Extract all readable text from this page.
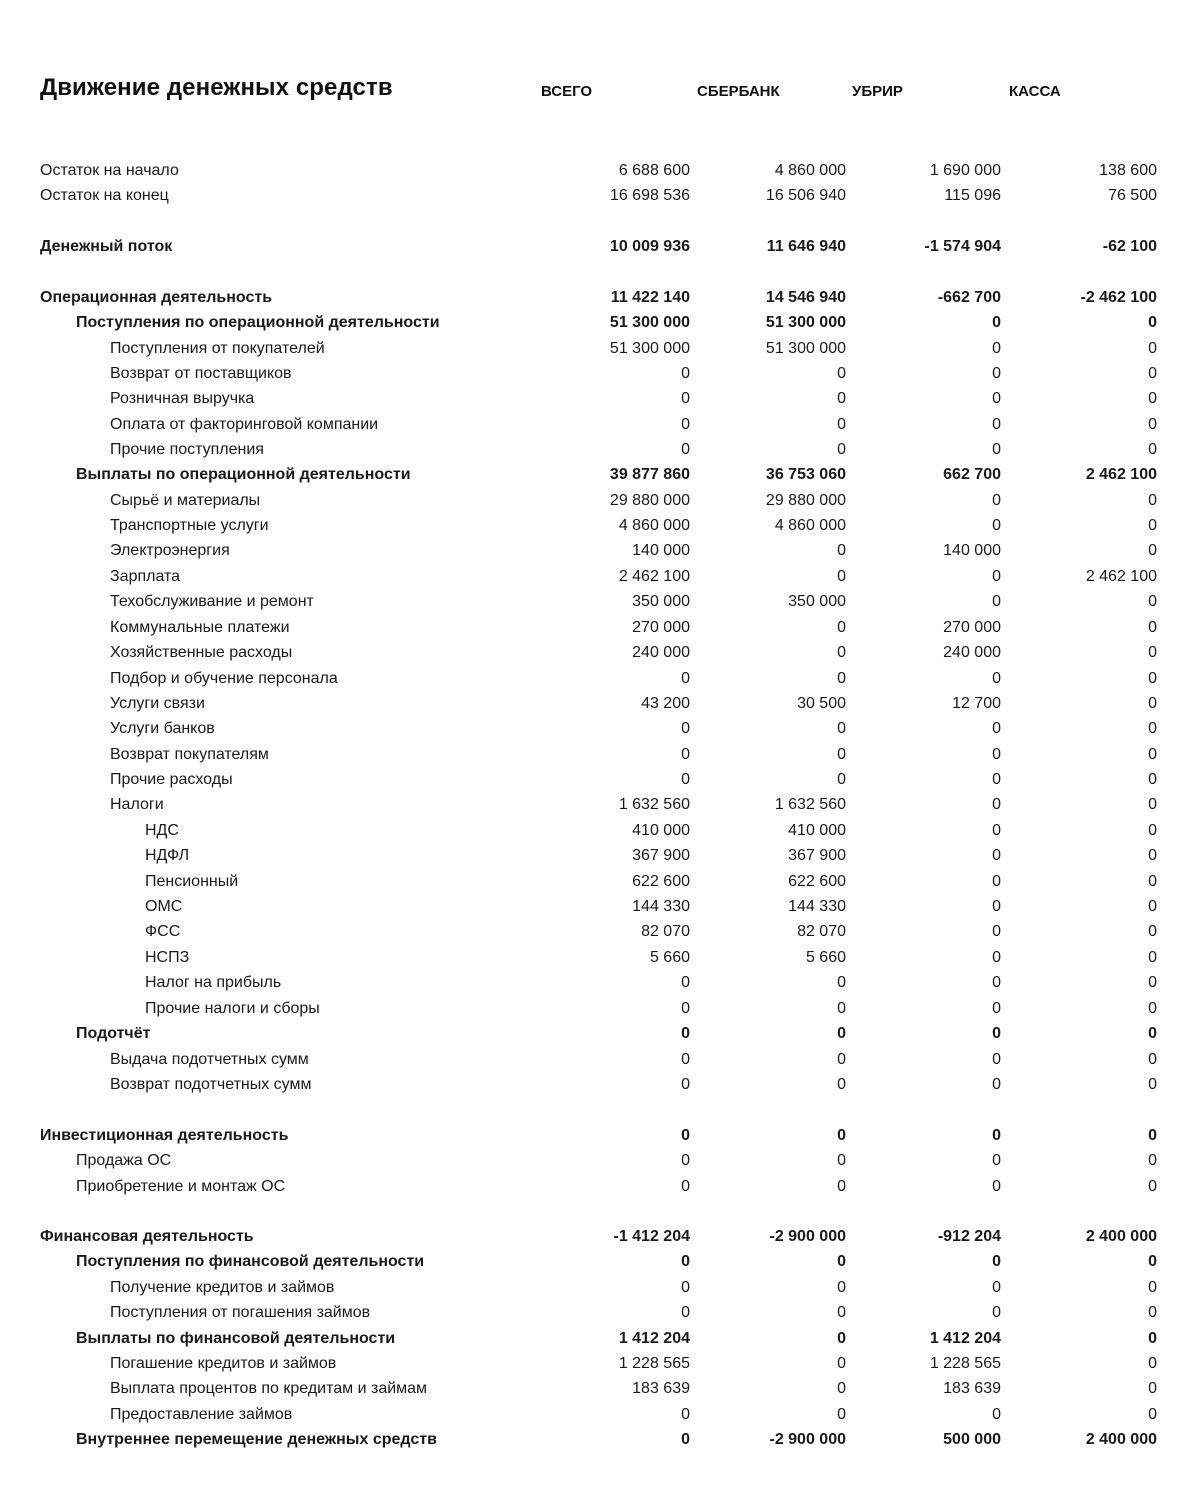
Движение денежных средств	ВСЕГО	СБЕРБАНК	УБРИР	КАССА
Остаток на начало	6 688 600	4 860 000	1 690 000	138 600
Остаток на конец	16 698 536	16 506 940	115 096	76 500
Денежный поток	10 009 936	11 646 940	-1 574 904	-62 100
Операционная деятельность	11 422 140	14 546 940	-662 700	-2 462 100
Поступления по операционной деятельности	51 300 000	51 300 000	0	0
Поступления от покупателей	51 300 000	51 300 000	0	0
Возврат от поставщиков	0	0	0	0
Розничная выручка	0	0	0	0
Оплата от факторинговой компании	0	0	0	0
Прочие поступления	0	0	0	0
Выплаты по операционной деятельности	39 877 860	36 753 060	662 700	2 462 100
Сырьё и материалы	29 880 000	29 880 000	0	0
Транспортные услуги	4 860 000	4 860 000	0	0
Электроэнергия	140 000	0	140 000	0
Зарплата	2 462 100	0	0	2 462 100
Техобслуживание и ремонт	350 000	350 000	0	0
Коммунальные платежи	270 000	0	270 000	0
Хозяйственные расходы	240 000	0	240 000	0
Подбор и обучение персонала	0	0	0	0
Услуги связи	43 200	30 500	12 700	0
Услуги банков	0	0	0	0
Возврат покупателям	0	0	0	0
Прочие расходы	0	0	0	0
Налоги	1 632 560	1 632 560	0	0
НДС	410 000	410 000	0	0
НДФЛ	367 900	367 900	0	0
Пенсионный	622 600	622 600	0	0
ОМС	144 330	144 330	0	0
ФСС	82 070	82 070	0	0
НСПЗ	5 660	5 660	0	0
Налог на прибыль	0	0	0	0
Прочие налоги и сборы	0	0	0	0
Подотчёт	0	0	0	0
Выдача подотчетных сумм	0	0	0	0
Возврат подотчетных сумм	0	0	0	0
Инвестиционная деятельность	0	0	0	0
Продажа ОС	0	0	0	0
Приобретение и монтаж ОС	0	0	0	0
Финансовая деятельность	-1 412 204	-2 900 000	-912 204	2 400 000
Поступления по финансовой деятельности	0	0	0	0
Получение кредитов и займов	0	0	0	0
Поступления от погашения займов	0	0	0	0
Выплаты по финансовой деятельности	1 412 204	0	1 412 204	0
Погашение кредитов и займов	1 228 565	0	1 228 565	0
Выплата процентов по кредитам и займам	183 639	0	183 639	0
Предоставление займов	0	0	0	0
Внутреннее перемещение денежных средств	0	-2 900 000	500 000	2 400 000
